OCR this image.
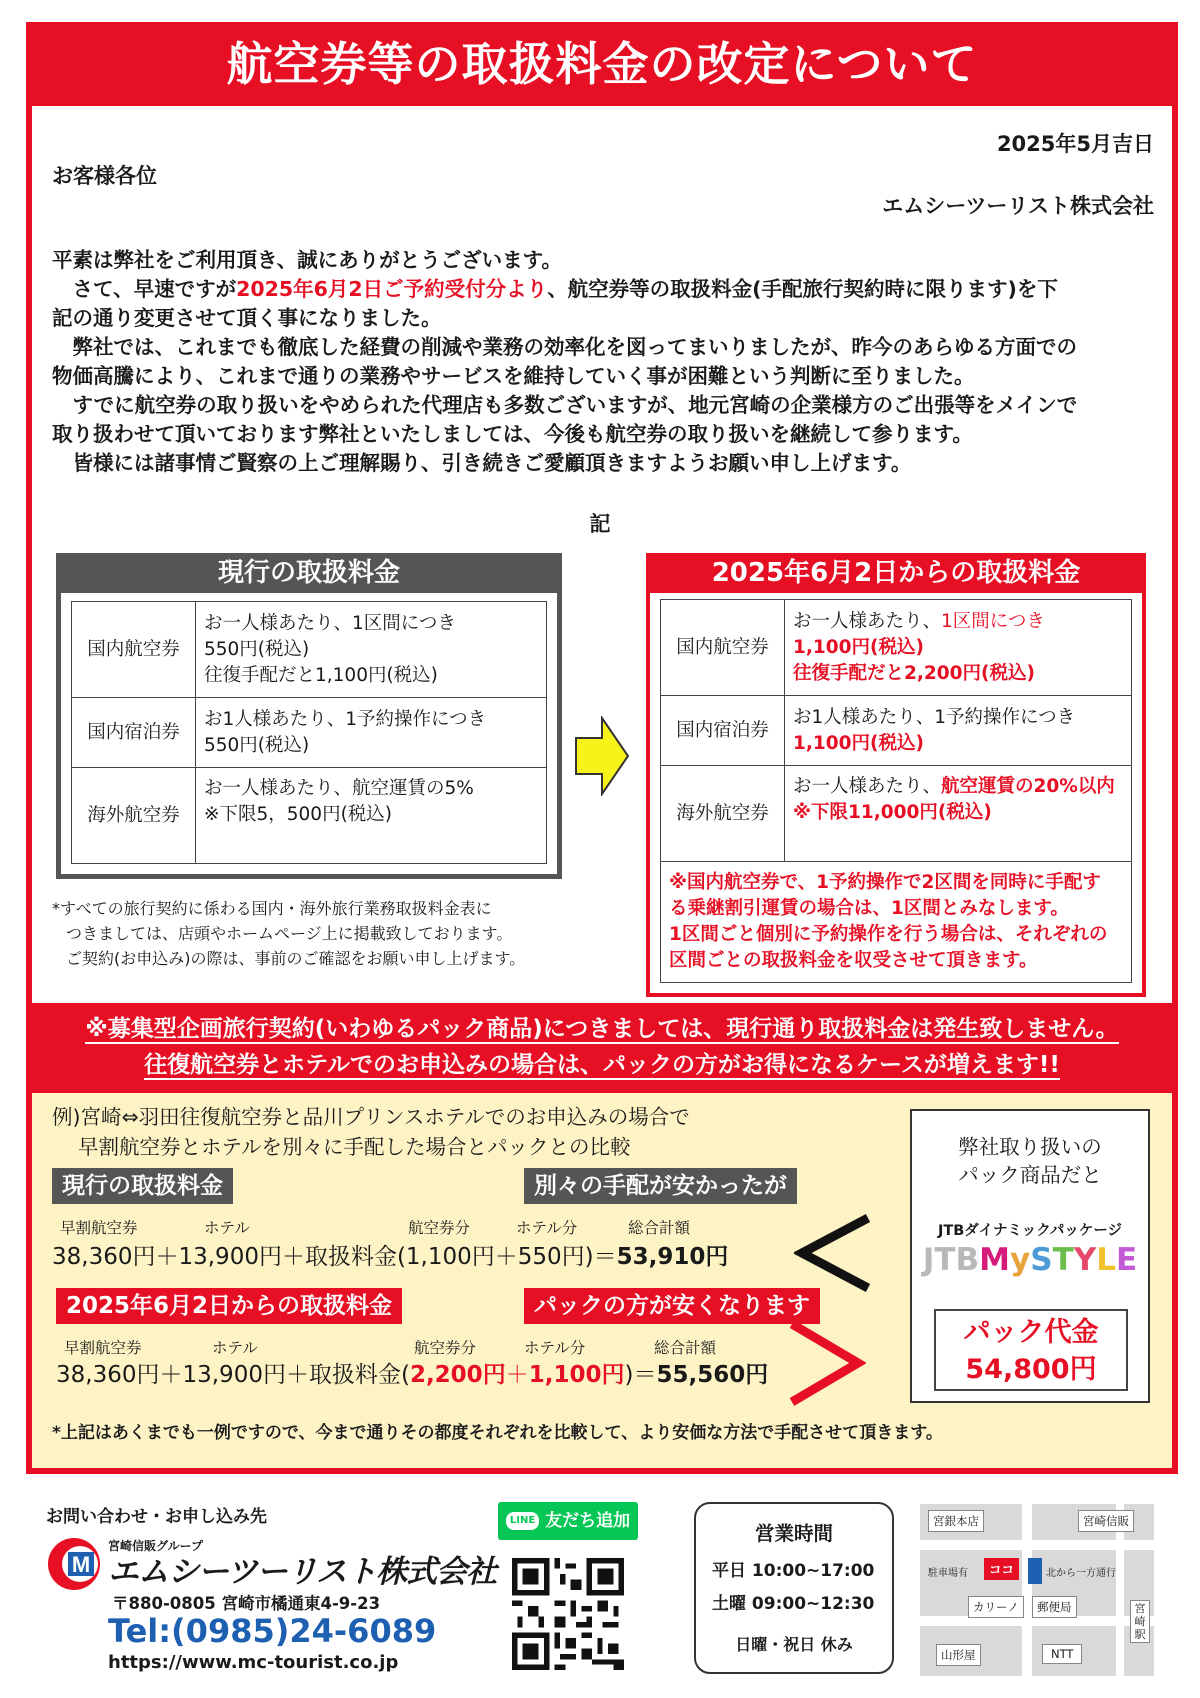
航空券等の取扱料金の改定について
2025年5月吉日
お客様各位
エムシーツーリスト株式会社

平素は弊社をご利用頂き、誠にありがとうございます。

　さて、早速ですが2025年6月2日ご予約受付分より、航空券等の取扱料金(手配旅行契約時に限ります)を下

記の通り変更させて頂く事になりました。

　弊社では、これまでも徹底した経費の削減や業務の効率化を図ってまいりましたが、昨今のあらゆる方面での

物価高騰により、これまで通りの業務やサービスを維持していく事が困難という判断に至りました。

　すでに航空券の取り扱いをやめられた代理店も多数ございますが、地元宮崎の企業様方のご出張等をメインで

取り扱わせて頂いております弊社といたしましては、今後も航空券の取り扱いを継続して参ります。

　皆様には諸事情ご賢察の上ご理解賜り、引き続きご愛顧頂きますようお願い申し上げます。

記
現行の取扱料金
国内航空券	お一人様あたり、1区間につき
550円(税込)
往復手配だと1,100円(税込)

国内宿泊券	お1人様あたり、1予約操作につき
550円(税込)

海外航空券	お一人様あたり、航空運賃の5%
※下限5，500円(税込)
2025年6月2日からの取扱料金
国内航空券	お一人様あたり、1区間につき
1,100円(税込)
往復手配だと2,200円(税込)

国内宿泊券	お1人様あたり、1予約操作につき
1,100円(税込)

海外航空券	お一人様あたり、航空運賃の20%以内
※下限11,000円(税込)
※国内航空券で、1予約操作で2区間を同時に手配す
る乗継割引運賃の場合は、1区間とみなします。
1区間ごと個別に予約操作を行う場合は、それぞれの
区間ごとの取扱料金を収受させて頂きます。
*すべての旅行契約に係わる国内・海外旅行業務取扱料金表に
つきましては、店頭やホームページ上に掲載致しております。
ご契約(お申込み)の際は、事前のご確認をお願い申し上げます。
※募集型企画旅行契約(いわゆるパック商品)につきましては、現行通り取扱料金は発生致しません。
往復航空券とホテルでのお申込みの場合は、パックの方がお得になるケースが増えます!!
例)宮崎⇔羽田往復航空券と品川プリンスホテルでのお申込みの場合で
早割航空券とホテルを別々に手配した場合とパックとの比較
現行の取扱料金	別々の手配が安かったが
早割航空券	ホテル	航空券分	ホテル分	総合計額
38,360円＋13,900円＋取扱料金(1,100円＋550円)＝53,910円
2025年6月2日からの取扱料金	パックの方が安くなります
早割航空券	ホテル	航空券分	ホテル分	総合計額
38,360円＋13,900円＋取扱料金(2,200円＋1,100円)＝55,560円
弊社取り扱いの
パック商品だと
JTBダイナミックパッケージ
JTBMySTYLE
パック代金
54,800円
*上記はあくまでも一例ですので、今まで通りその都度それぞれを比較して、より安価な方法で手配させて頂きます。
お問い合わせ・お申し込み先
M
宮崎信販グループ
エムシーツーリスト株式会社
〒880-0805 宮崎市橘通東4-9-23
Tel:(0985)24-6089
https://www.mc-tourist.co.jp
LINE 友だち追加
営業時間
平日 10:00~17:00
土曜 09:00~12:30
日曜・祝日 休み
宮銀本店	宮崎信販
駐車場有	ココ	北から一方通行
カリーノ	郵便局	宮崎駅
山形屋	NTT
